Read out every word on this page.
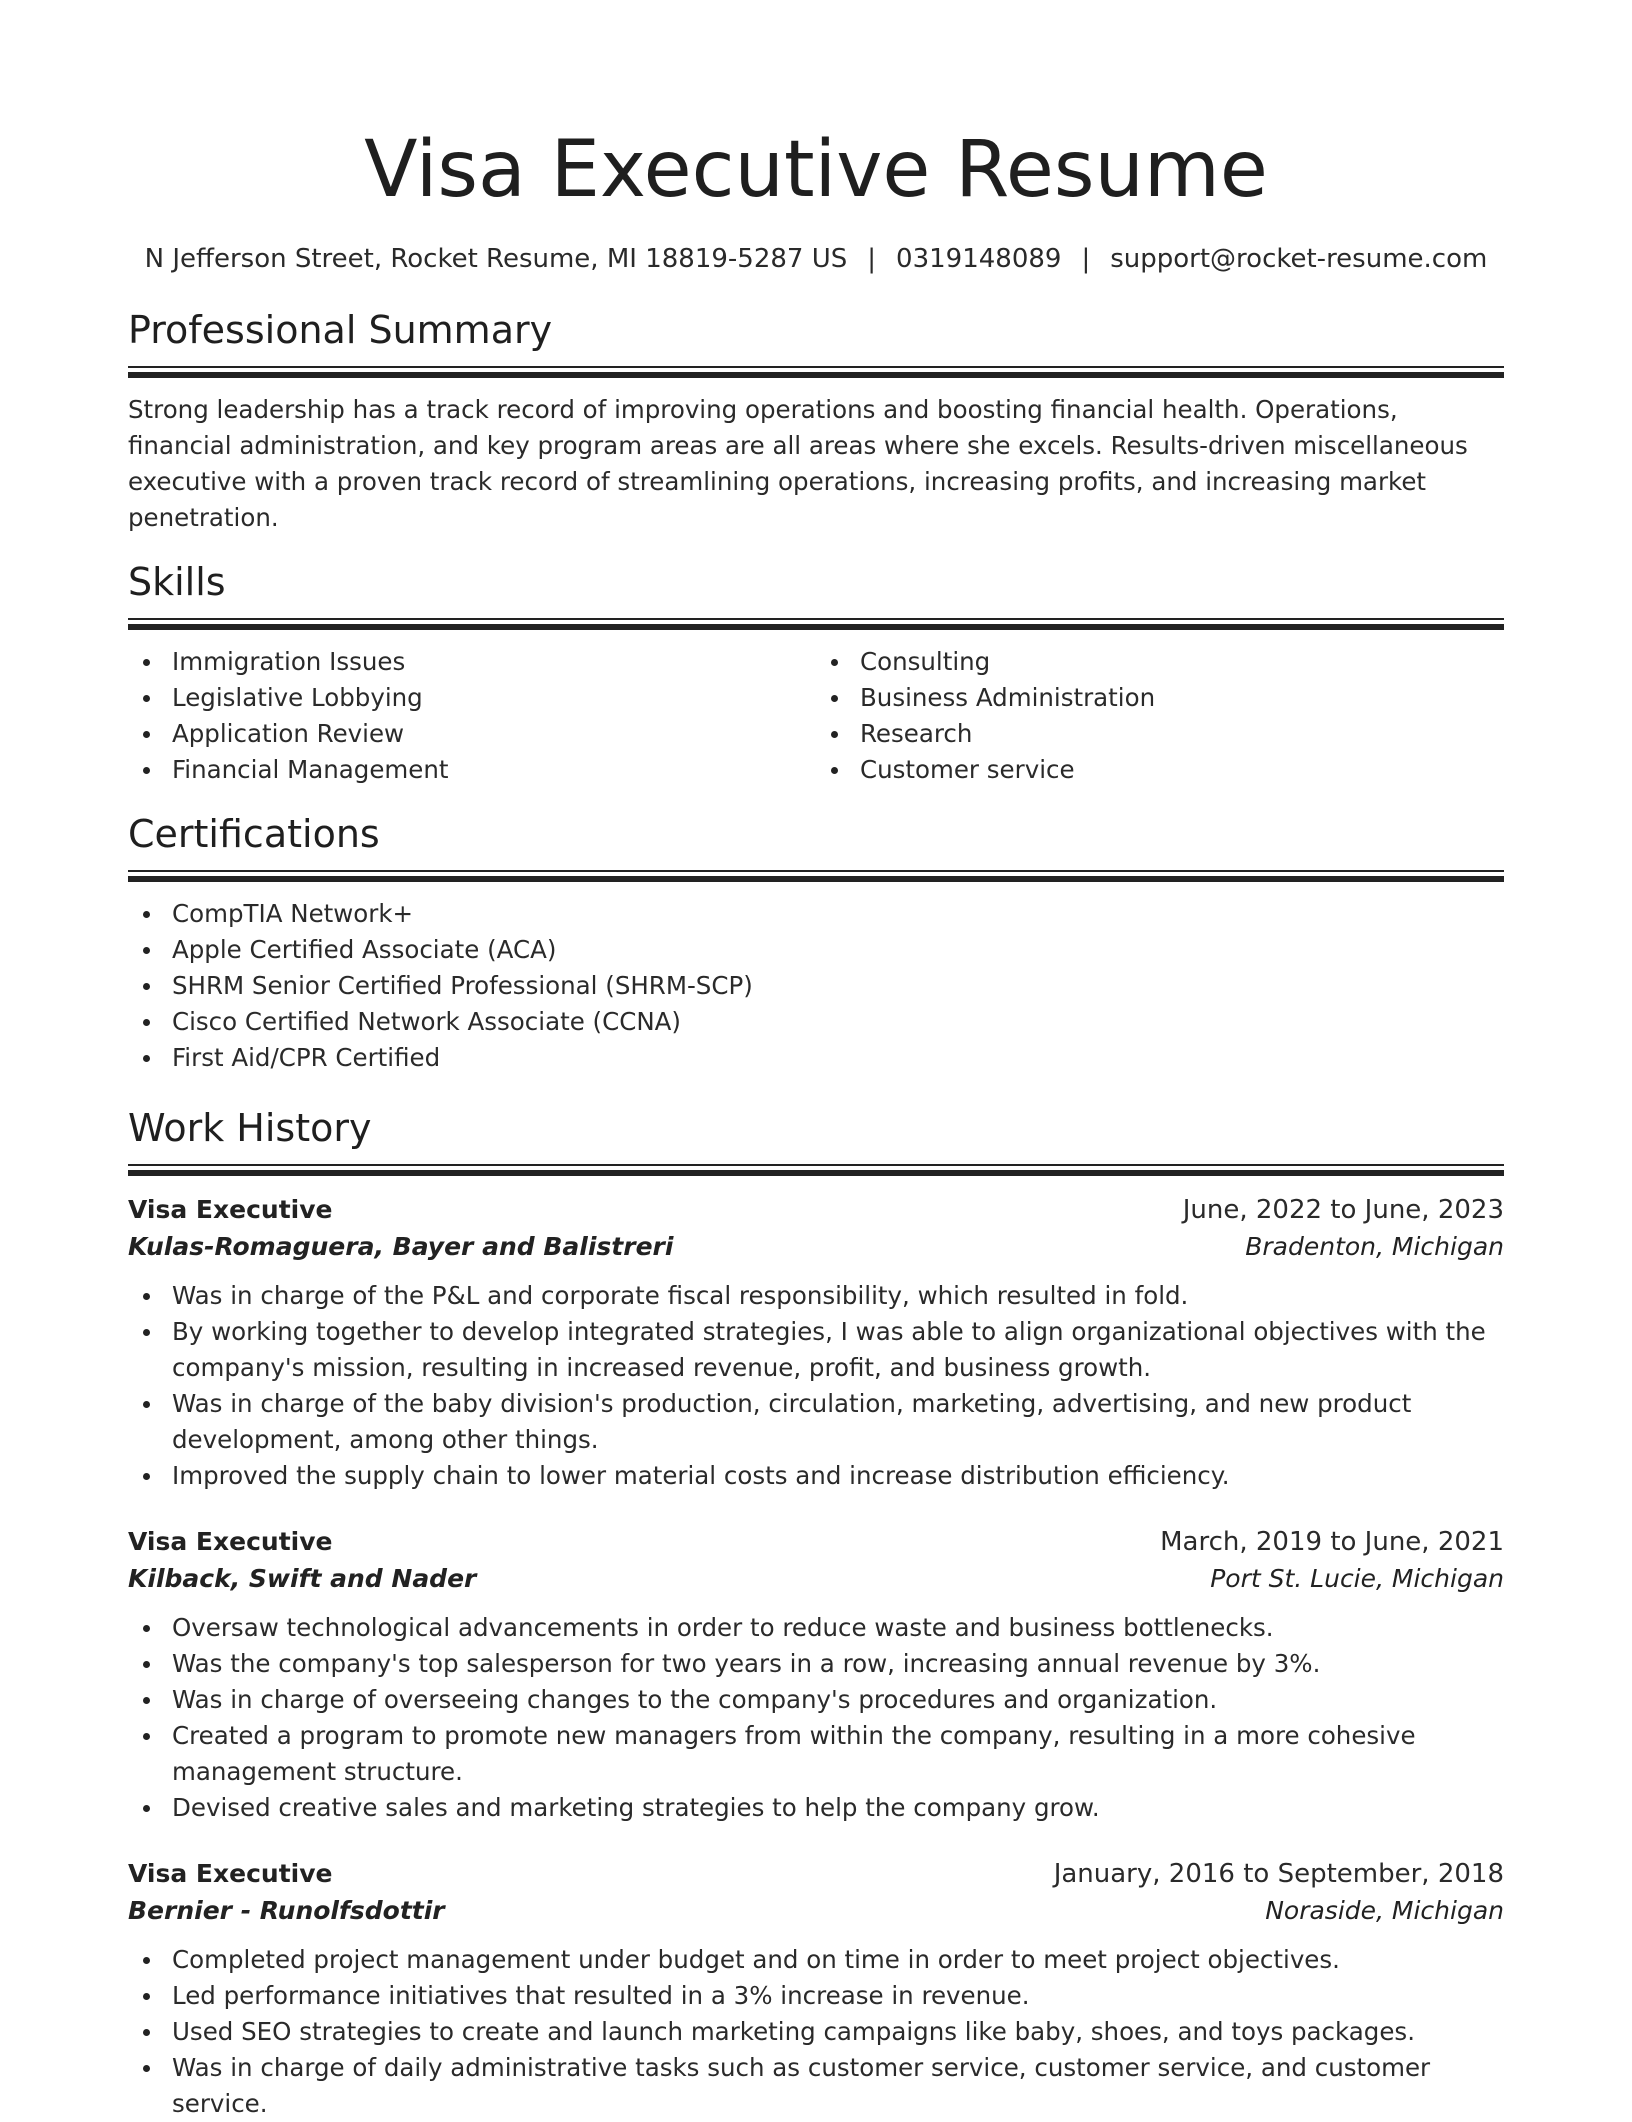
Visa Executive Resume
N Jefferson Street, Rocket Resume, MI 18819-5287 US | 0319148089 | support@rocket-resume.com
Professional Summary
Strong leadership has a track record of improving operations and boosting financial health. Operations, financial administration, and key program areas are all areas where she excels. Results-driven miscellaneous executive with a proven track record of streamlining operations, increasing profits, and increasing market penetration.
Skills
Immigration Issues
Legislative Lobbying
Application Review
Financial Management
Consulting
Business Administration
Research
Customer service
Certifications
CompTIA Network+
Apple Certified Associate (ACA)
SHRM Senior Certified Professional (SHRM-SCP)
Cisco Certified Network Associate (CCNA)
First Aid/CPR Certified
Work History
Visa Executive	June, 2022 to June, 2023
Kulas-Romaguera, Bayer and Balistreri	Bradenton, Michigan
Was in charge of the P&L and corporate fiscal responsibility, which resulted in fold.
By working together to develop integrated strategies, I was able to align organizational objectives with the company's mission, resulting in increased revenue, profit, and business growth.
Was in charge of the baby division's production, circulation, marketing, advertising, and new product development, among other things.
Improved the supply chain to lower material costs and increase distribution efficiency.
Visa Executive	March, 2019 to June, 2021
Kilback, Swift and Nader	Port St. Lucie, Michigan
Oversaw technological advancements in order to reduce waste and business bottlenecks.
Was the company's top salesperson for two years in a row, increasing annual revenue by 3%.
Was in charge of overseeing changes to the company's procedures and organization.
Created a program to promote new managers from within the company, resulting in a more cohesive management structure.
Devised creative sales and marketing strategies to help the company grow.
Visa Executive	January, 2016 to September, 2018
Bernier - Runolfsdottir	Noraside, Michigan
Completed project management under budget and on time in order to meet project objectives.
Led performance initiatives that resulted in a 3% increase in revenue.
Used SEO strategies to create and launch marketing campaigns like baby, shoes, and toys packages.
Was in charge of daily administrative tasks such as customer service, customer service, and customer service.
